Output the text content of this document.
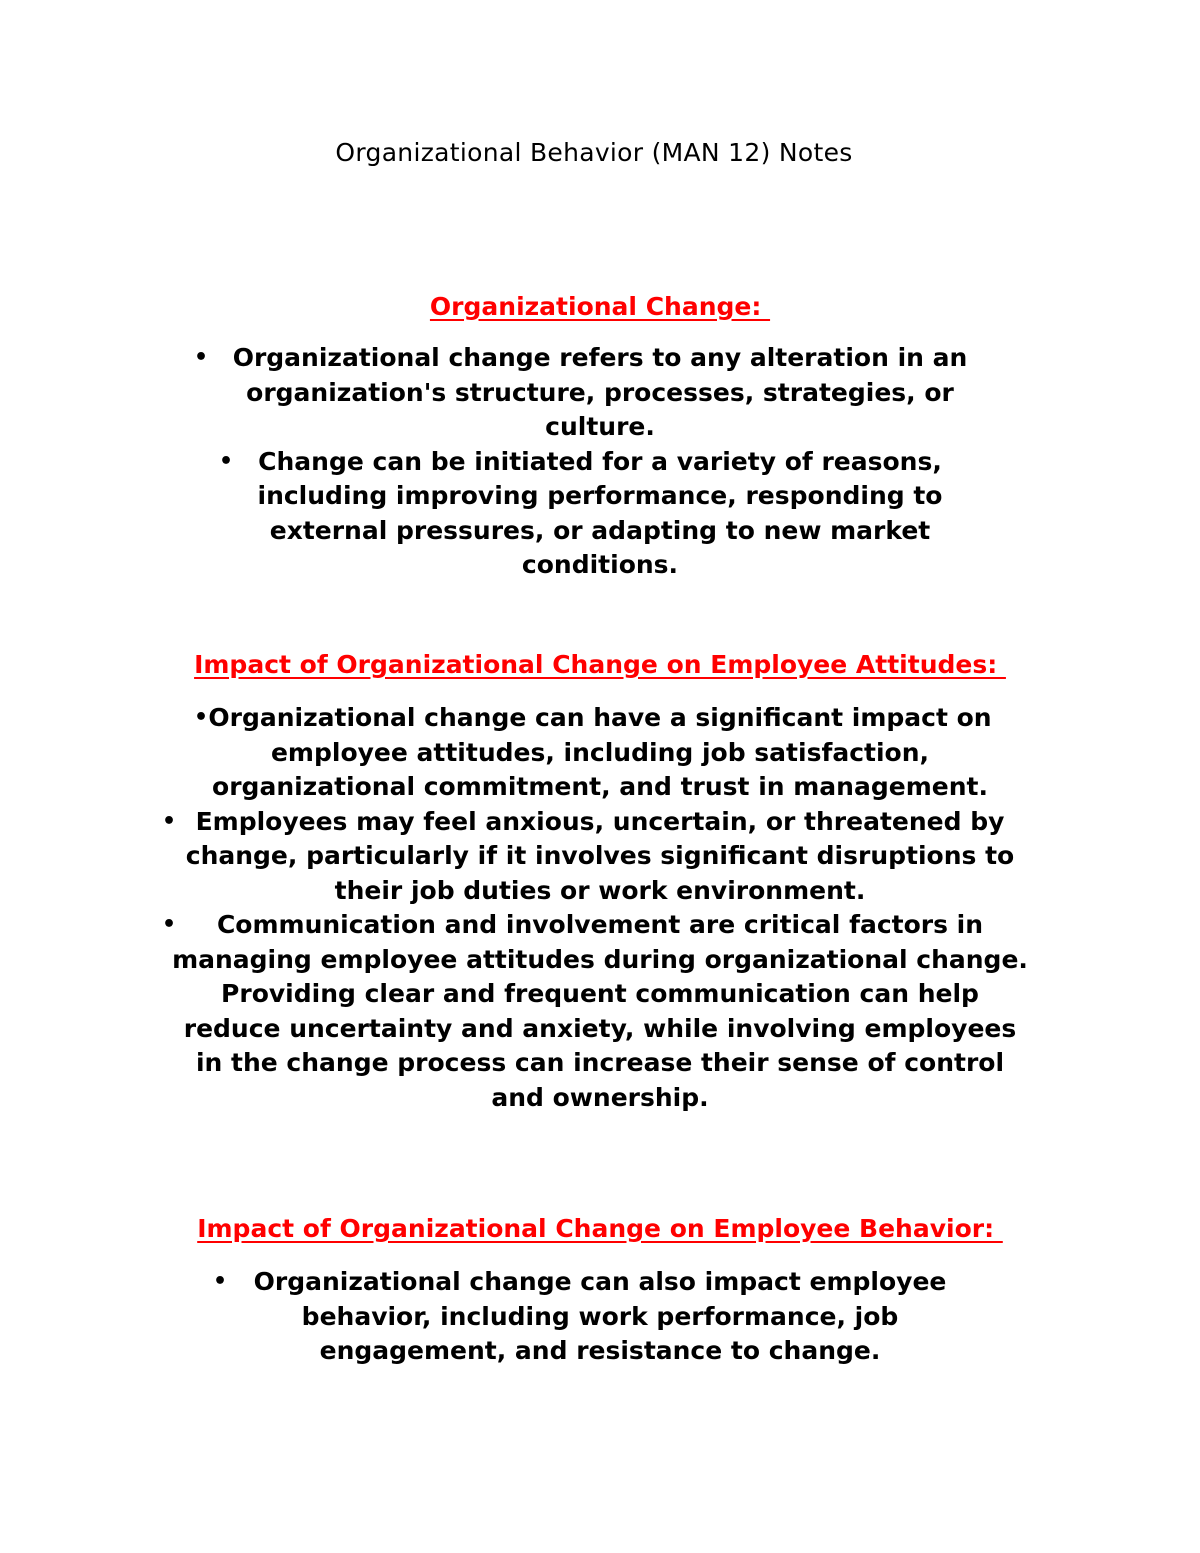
Organizational Behavior (MAN 12) Notes
Organizational Change:
• Organizational change refers to any alteration in an organization's structure, processes, strategies, or culture.
•	Change can be initiated for a variety of reasons, including improving performance, responding to external pressures, or adapting to new market conditions.
Impact of Organizational Change on Employee Attitudes:
• Organizational change can have a significant impact on employee attitudes, including job satisfaction, organizational commitment, and trust in management.
• Employees may feel anxious, uncertain, or threatened by change, particularly if it involves significant disruptions to their job duties or work environment.
•	Communication and involvement are critical factors in managing employee attitudes during organizational change. Providing clear and frequent communication can help reduce uncertainty and anxiety, while involving employees in the change process can increase their sense of control and ownership.
Impact of Organizational Change on Employee Behavior:
•	Organizational change can also impact employee behavior, including work performance, job engagement, and resistance to change.
